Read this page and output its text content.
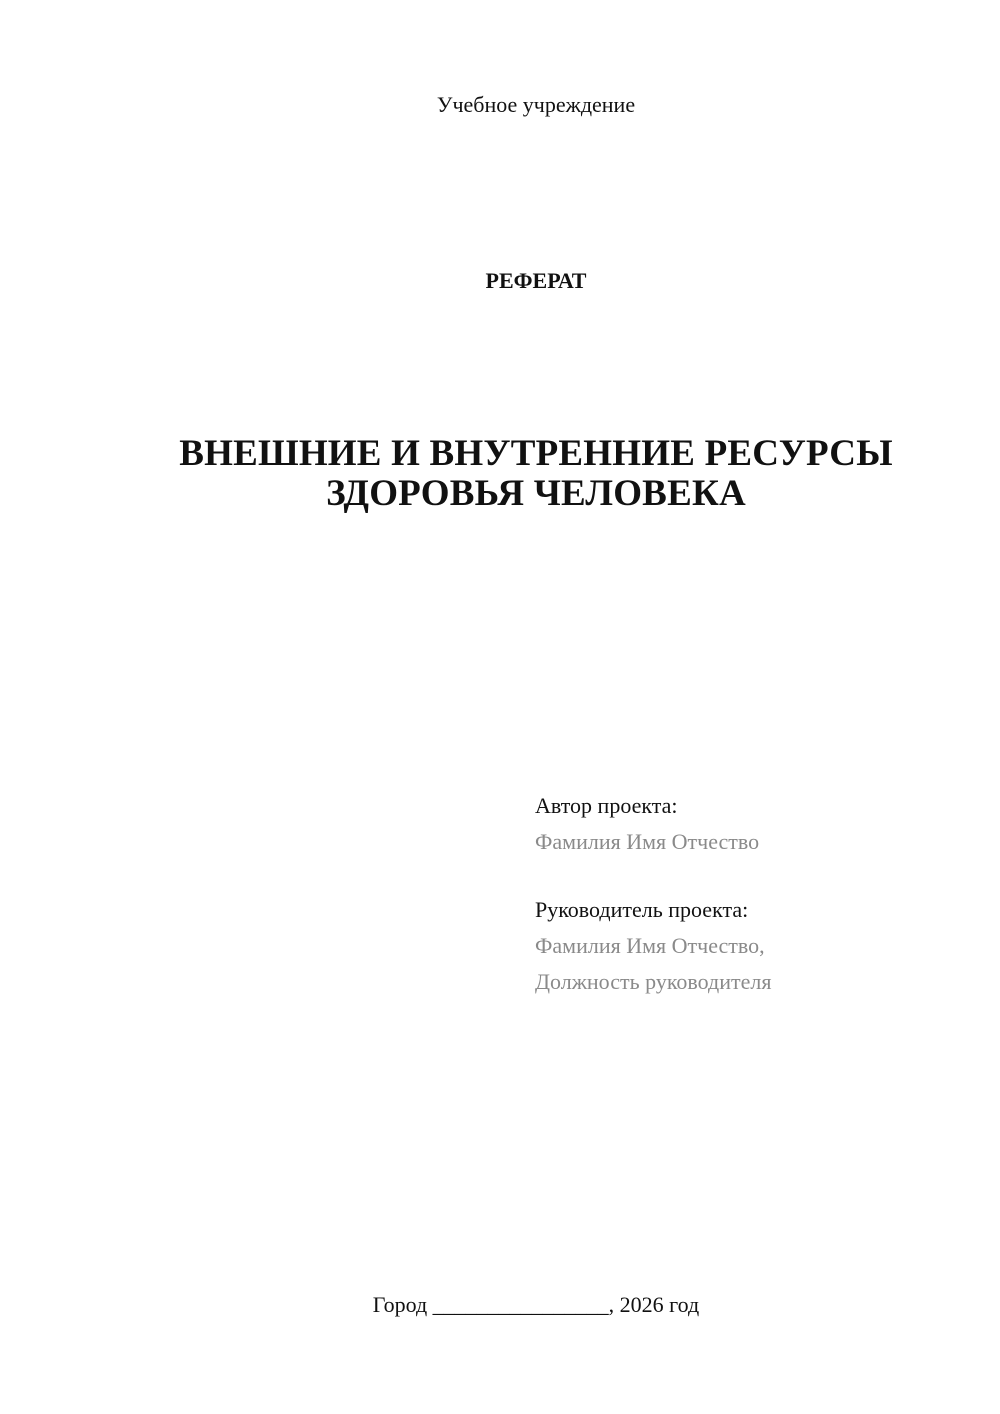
Учебное учреждение
РЕФЕРАТ
ВНЕШНИЕ И ВНУТРЕННИЕ РЕСУРСЫ
ЗДОРОВЬЯ ЧЕЛОВЕКА
Автор проекта:
Фамилия Имя Отчество
Руководитель проекта:
Фамилия Имя Отчество,
Должность руководителя
Город ________________, 2026 год
